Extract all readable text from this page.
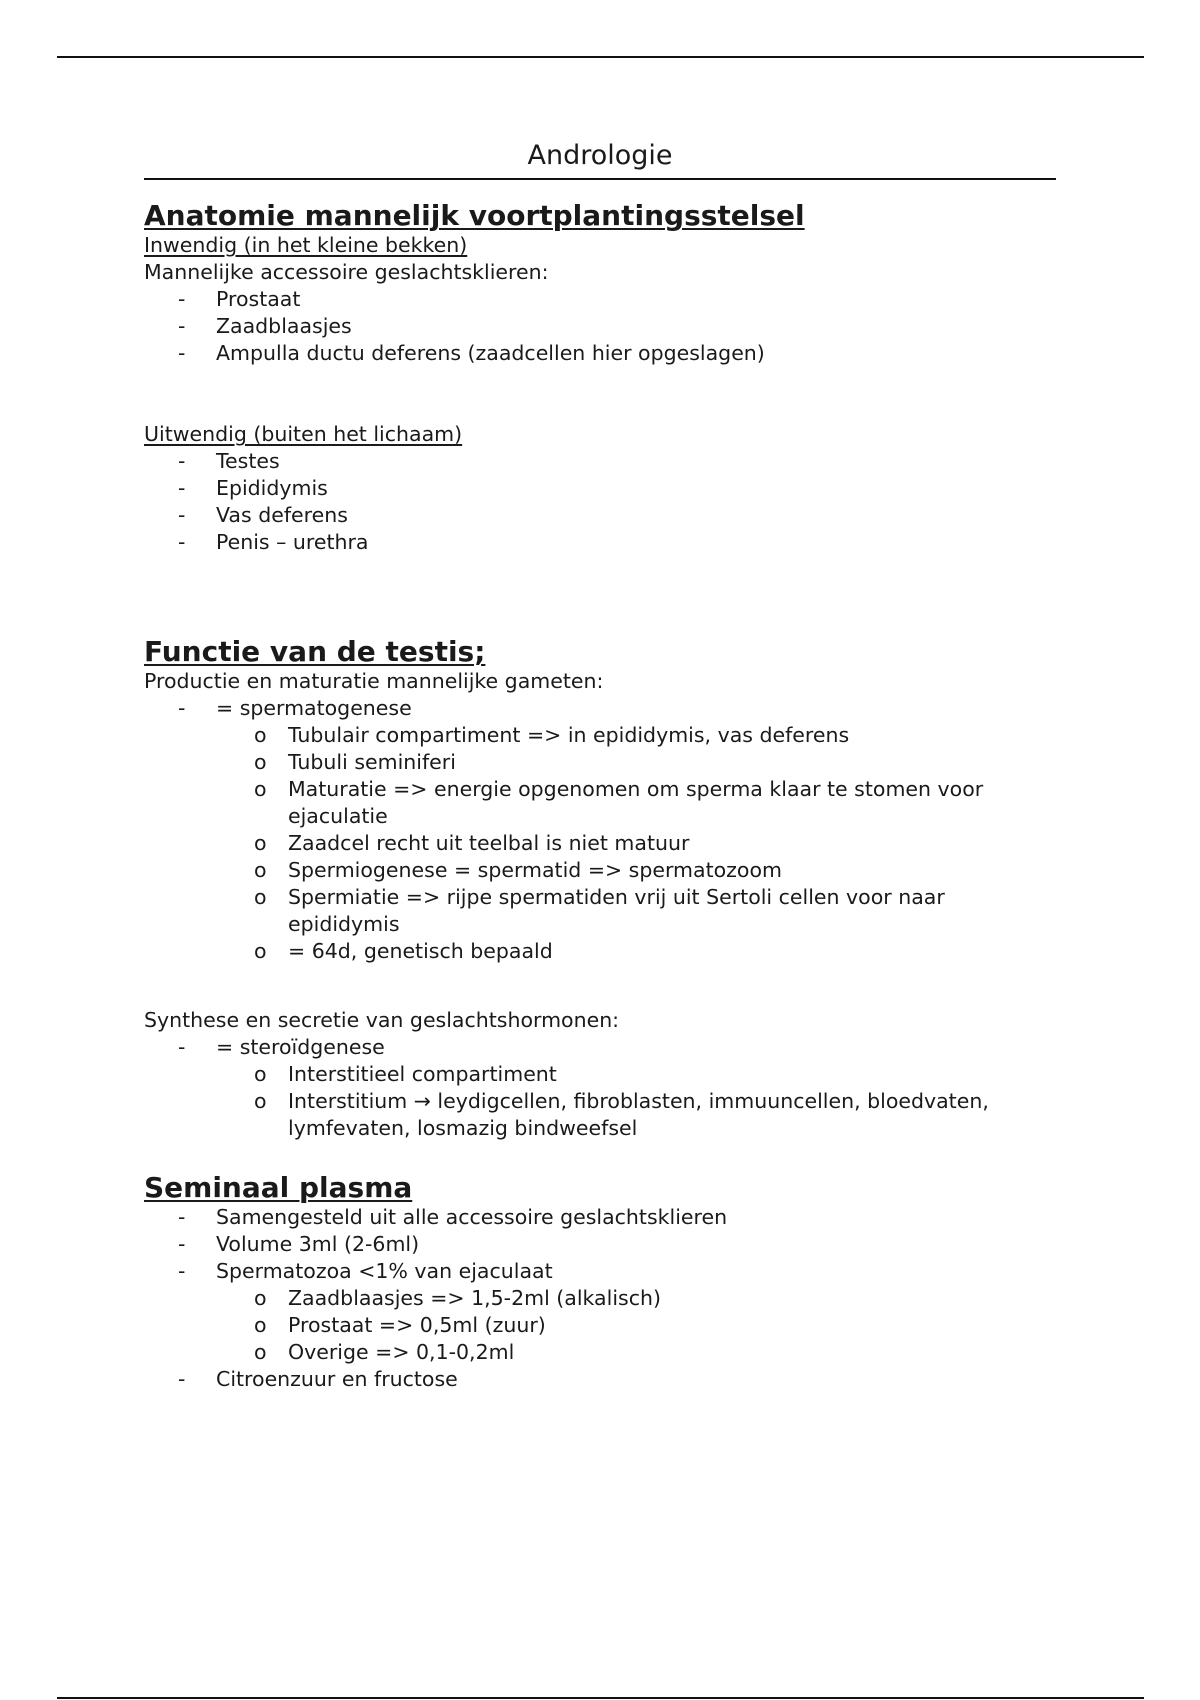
Andrologie
Anatomie mannelijk voortplantingsstelsel

Inwendig (in het kleine bekken)

Mannelijke accessoire geslachtsklieren:

- Prostaat
- Zaadblaasjes
- Ampulla ductu deferens (zaadcellen hier opgeslagen)

Uitwendig (buiten het lichaam)

- Testes
- Epididymis
- Vas deferens
- Penis – urethra
Functie van de testis;

Productie en maturatie mannelijke gameten:

- = spermatogenese
o Tubulair compartiment => in epididymis, vas deferens
o Tubuli seminiferi
o Maturatie => energie opgenomen om sperma klaar te stomen voor ejaculatie
o Zaadcel recht uit teelbal is niet matuur
o Spermiogenese = spermatid => spermatozoom
o Spermiatie => rijpe spermatiden vrij uit Sertoli cellen voor naar epididymis
o = 64d, genetisch bepaald

Synthese en secretie van geslachtshormonen:

- = steroïdgenese
o Interstitieel compartiment
o Interstitium → leydigcellen, fibroblasten, immuuncellen, bloedvaten, lymfevaten, losmazig bindweefsel
Seminaal plasma
- Samengesteld uit alle accessoire geslachtsklieren
- Volume 3ml (2-6ml)
- Spermatozoa <1% van ejaculaat
o Zaadblaasjes => 1,5-2ml (alkalisch)
o Prostaat => 0,5ml (zuur)
o Overige => 0,1-0,2ml
- Citroenzuur en fructose
